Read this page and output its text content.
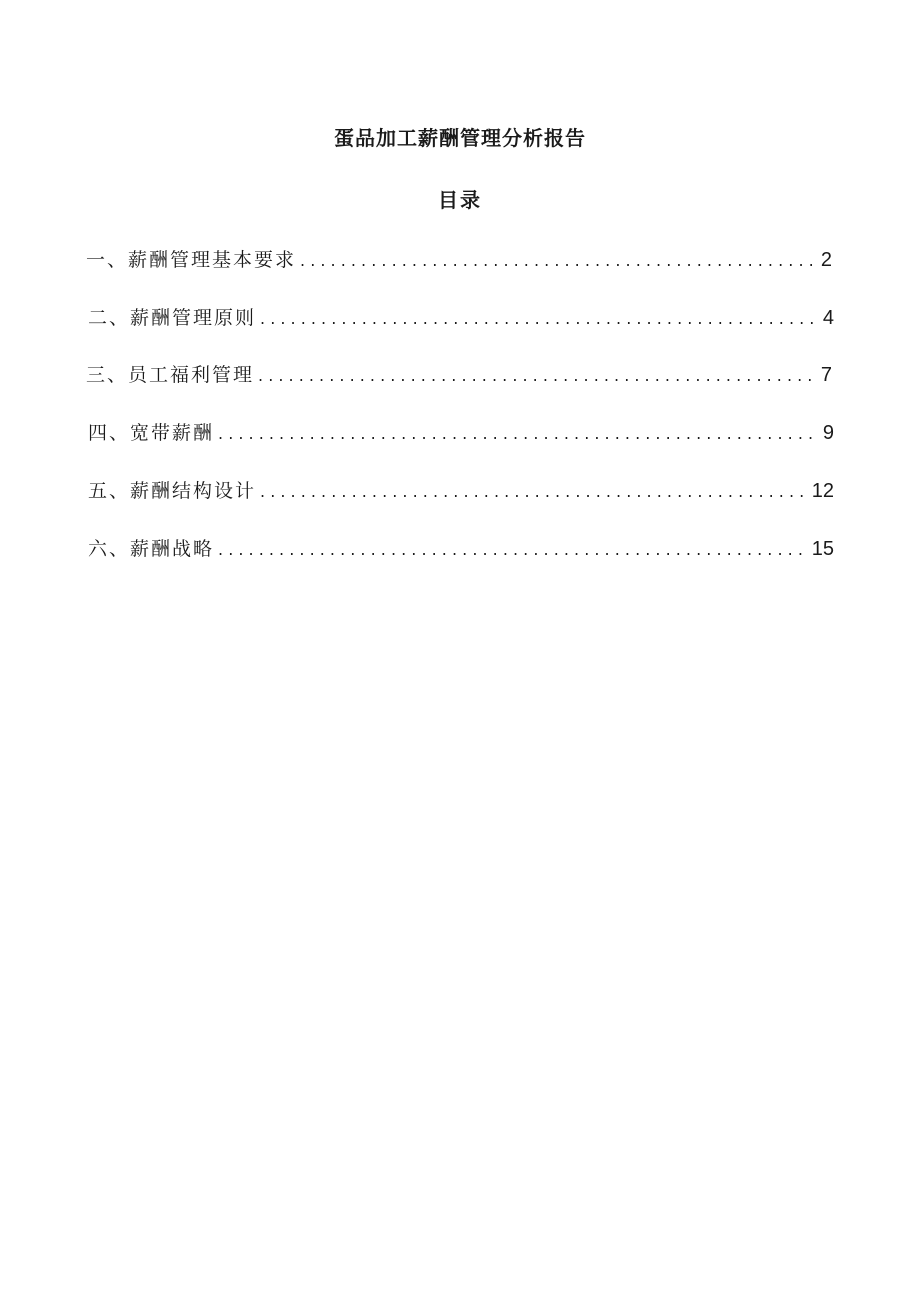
蛋品加工薪酬管理分析报告
目录
一、薪酬管理基本要求 . . .	2
二、薪酬管理原则 . . .	4
三、员工福利管理 . . .	7
四、宽带薪酬 . . .	9
五、薪酬结构设计 . . .	12
六、薪酬战略 . . .	15
